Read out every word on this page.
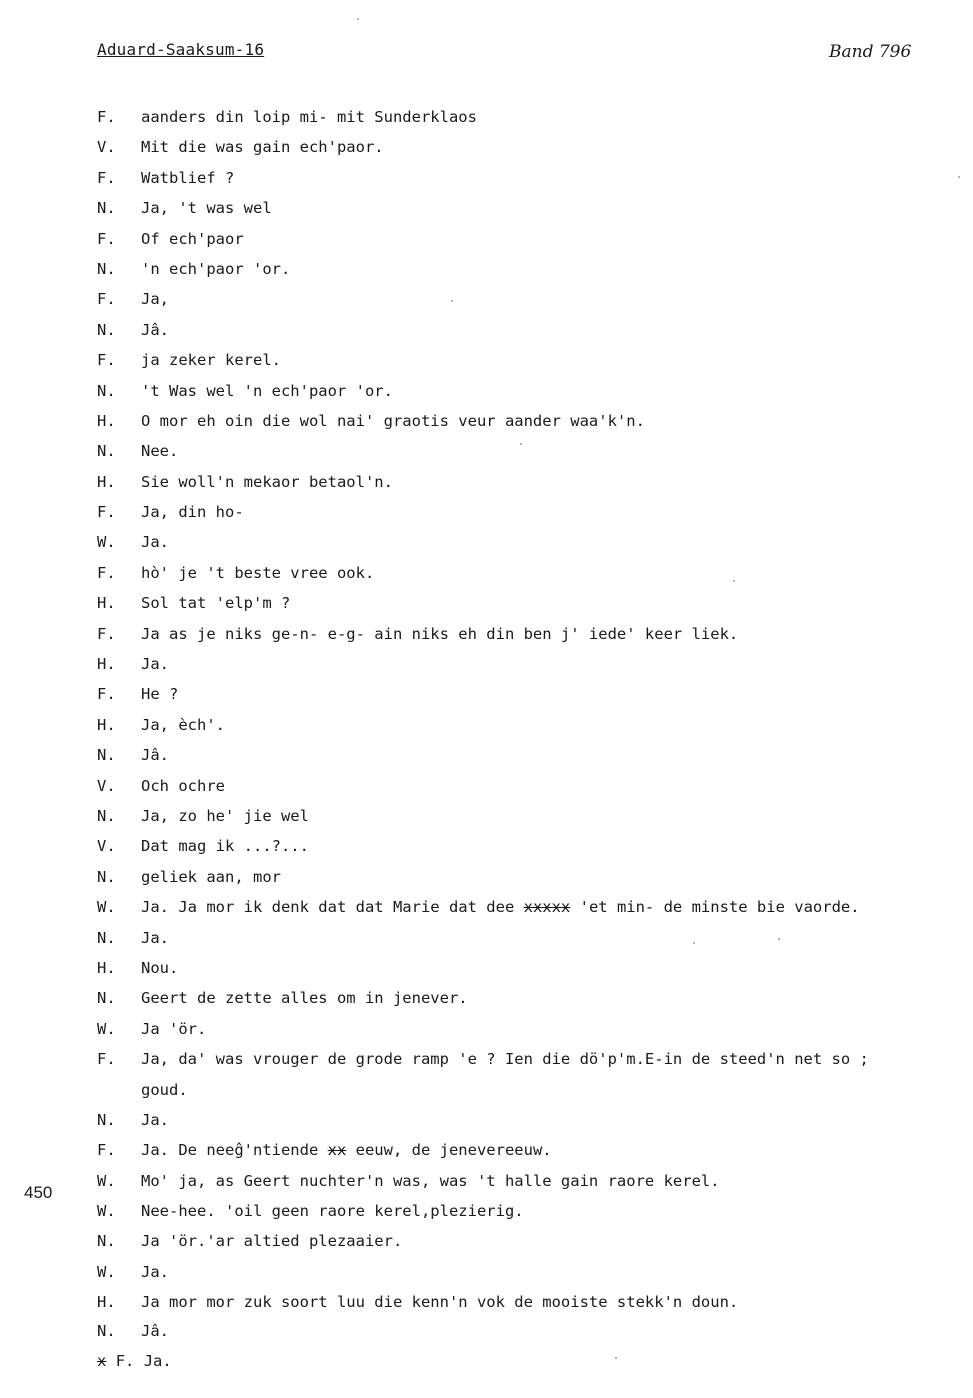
Aduard-Saaksum-16	Band 796
450
F. aanders din loip mi- mit Sunderklaos
V. Mit die was gain ech'paor.
F. Watblief ?
N. Ja, 't was wel
F. Of ech'paor
N. 'n ech'paor 'or.
F. Ja,
N. Jâ.
F. ja zeker kerel.
N. 't Was wel 'n ech'paor 'or.
H. O mor eh oin die wol nai' graotis veur aander waa'k'n.
N. Nee.
H. Sie woll'n mekaor betaol'n.
F. Ja, din ho-
W. Ja.
F. hò' je 't beste vree ook.
H. Sol tat 'elp'm ?
F. Ja as je niks ge-n- e-g- ain niks eh din ben j' iede' keer liek.
H. Ja.
F. He ?
H. Ja, èch'.
N. Jâ.
V. Och ochre
N. Ja, zo he' jie wel
V. Dat mag ik ...?...
N. geliek aan, mor
W. Ja. Ja mor ik denk dat dat Marie dat dee xxxxx 'et min- de minste bie vaorde.
N. Ja.
H. Nou.
N. Geert de zette alles om in jenever.
W. Ja 'ör.
F. Ja, da' was vrouger de grode ramp 'e ? Ien die dö'p'm.E-in de steed'n net so ;
goud.
N. Ja.
F. Ja. De neeĝ'ntiende xx eeuw, de jenevereeuw.
W. Mo' ja, as Geert nuchter'n was, was 't halle gain raore kerel.
W. Nee-hee. 'oil geen raore kerel,plezierig.
N. Ja 'ör.'ar altied plezaaier.
W. Ja.
H. Ja mor mor zuk soort luu die kenn'n vok de mooiste stekk'n doun.
N. Jâ.
x F. Ja.
